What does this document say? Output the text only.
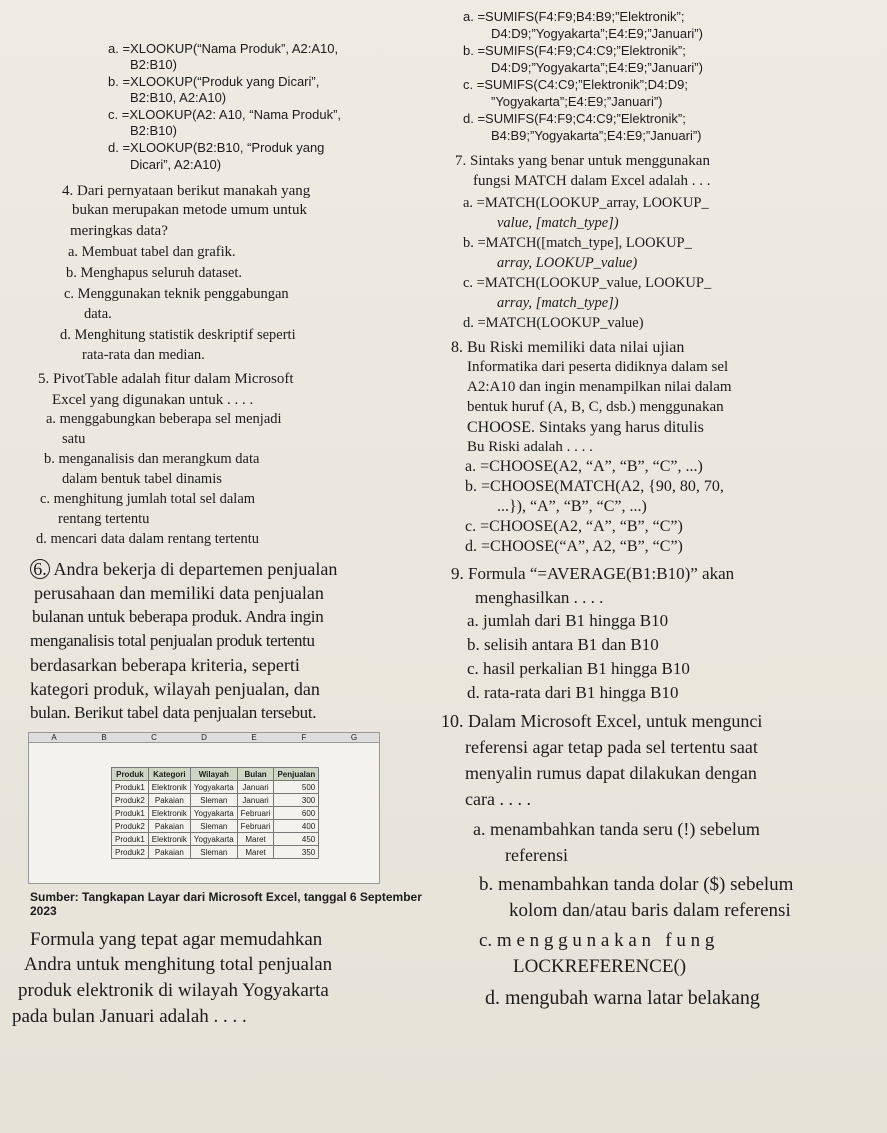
a. =XLOOKUP(“Nama Produk”, A2:A10,
B2:B10)
b. =XLOOKUP(“Produk yang Dicari”,
B2:B10, A2:A10)
c. =XLOOKUP(A2: A10, “Nama Produk”,
B2:B10)
d. =XLOOKUP(B2:B10, “Produk yang
Dicari”, A2:A10)
4. Dari pernyataan berikut manakah yang
bukan merupakan metode umum untuk
meringkas data?
a. Membuat tabel dan grafik.
b. Menghapus seluruh dataset.
c. Menggunakan teknik penggabungan
data.
d. Menghitung statistik deskriptif seperti
rata-rata dan median.
5. PivotTable adalah fitur dalam Microsoft
Excel yang digunakan untuk . . . .
a. menggabungkan beberapa sel menjadi
satu
b. menganalisis dan merangkum data
dalam bentuk tabel dinamis
c. menghitung jumlah total sel dalam
rentang tertentu
d. mencari data dalam rentang tertentu
6. Andra bekerja di departemen penjualan
perusahaan dan memiliki data penjualan
bulanan untuk beberapa produk. Andra ingin
menganalisis total penjualan produk tertentu
berdasarkan beberapa kriteria, seperti
kategori produk, wilayah penjualan, dan
bulan. Berikut tabel data penjualan tersebut.
A	B	C	D	E	F	G
Produk	Kategori	Wilayah	Bulan	Penjualan
Produk1	Elektronik	Yogyakarta	Januari	500
Produk2	Pakaian	Sleman	Januari	300
Produk1	Elektronik	Yogyakarta	Februari	600
Produk2	Pakaian	Sleman	Februari	400
Produk1	Elektronik	Yogyakarta	Maret	450
Produk2	Pakaian	Sleman	Maret	350
Sumber: Tangkapan Layar dari Microsoft Excel, tanggal 6 September 2023
Formula yang tepat agar memudahkan
Andra untuk menghitung total penjualan
produk elektronik di wilayah Yogyakarta
pada bulan Januari adalah . . . .
a. =SUMIFS(F4:F9;B4:B9;”Elektronik”;
D4:D9;”Yogyakarta”;E4:E9;”Januari”)
b. =SUMIFS(F4:F9;C4:C9;”Elektronik”;
D4:D9;”Yogyakarta”;E4:E9;”Januari”)
c. =SUMIFS(C4:C9;”Elektronik”;D4:D9;
”Yogyakarta”;E4:E9;”Januari”)
d. =SUMIFS(F4:F9;C4:C9;”Elektronik”;
B4:B9;”Yogyakarta”;E4:E9;”Januari”)
7. Sintaks yang benar untuk menggunakan
fungsi MATCH dalam Excel adalah . . .
a. =MATCH(LOOKUP_array, LOOKUP_
value, [match_type])
b. =MATCH([match_type], LOOKUP_
array, LOOKUP_value)
c. =MATCH(LOOKUP_value, LOOKUP_
array, [match_type])
d. =MATCH(LOOKUP_value)
8. Bu Riski memiliki data nilai ujian
Informatika dari peserta didiknya dalam sel
A2:A10 dan ingin menampilkan nilai dalam
bentuk huruf (A, B, C, dsb.) menggunakan
CHOOSE. Sintaks yang harus ditulis
Bu Riski adalah . . . .
a. =CHOOSE(A2, “A”, “B”, “C”, ...)
b. =CHOOSE(MATCH(A2, {90, 80, 70,
...}), “A”, “B”, “C”, ...)
c. =CHOOSE(A2, “A”, “B”, “C”)
d. =CHOOSE(“A”, A2, “B”, “C”)
9. Formula “=AVERAGE(B1:B10)” akan
menghasilkan . . . .
a. jumlah dari B1 hingga B10
b. selisih antara B1 dan B10
c. hasil perkalian B1 hingga B10
d. rata-rata dari B1 hingga B10
10. Dalam Microsoft Excel, untuk mengunci
referensi agar tetap pada sel tertentu saat
menyalin rumus dapat dilakukan dengan
cara . . . .
a. menambahkan tanda seru (!) sebelum
referensi
b. menambahkan tanda dolar ($) sebelum
kolom dan/atau baris dalam referensi
c. m e n g g u n a k a n   f u n g
LOCKREFERENCE()
d. mengubah warna latar belakang
